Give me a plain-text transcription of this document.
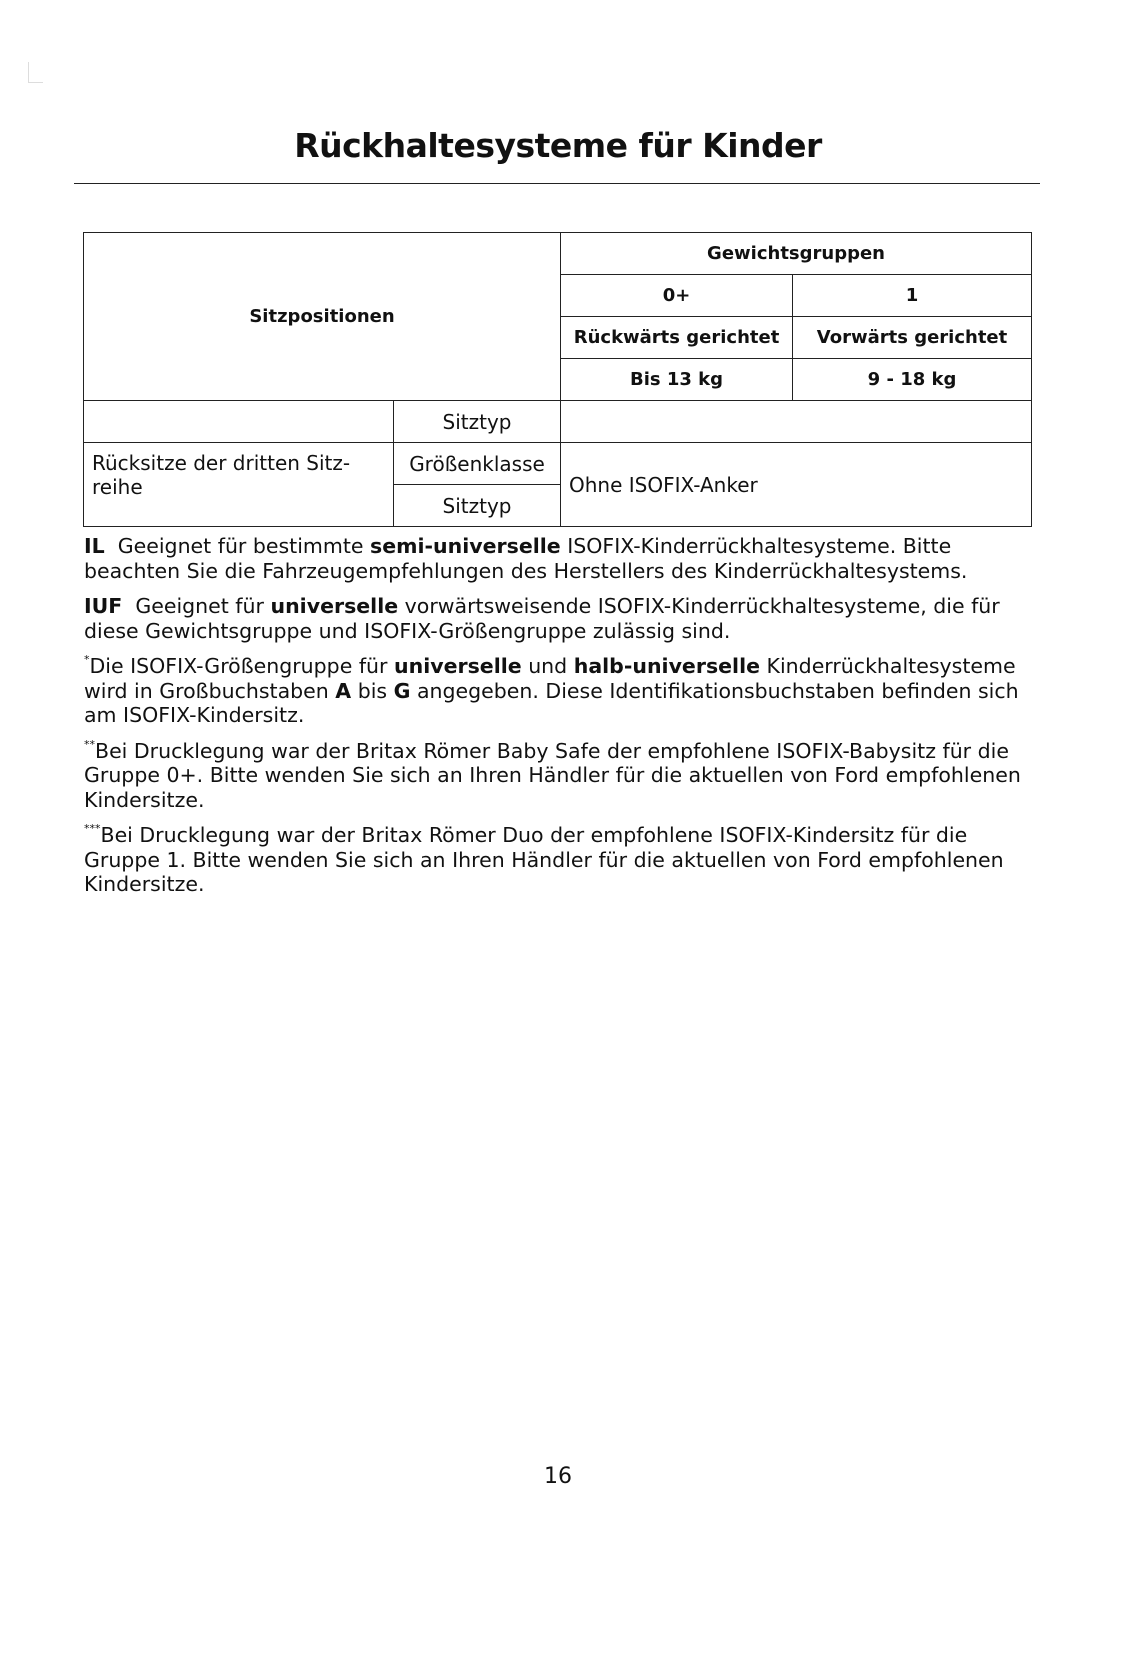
Rückhaltesysteme für Kinder
Sitzpositionen		Gewichtsgruppen	
		0+	1
		Rückwärts gerichtet	Vorwärts gerichtet
		Bis 13 kg	9 - 18 kg
	Sitztyp		
Rücksitze der dritten Sitz-reihe	Größenklasse	Ohne ISOFIX-Anker	
	Sitztyp		

IL Geeignet für bestimmte semi-universelle ISOFIX-Kinderrückhaltesysteme. Bitte beachten Sie die Fahrzeugempfehlungen des Herstellers des Kinderrückhaltesystems.

IUF Geeignet für universelle vorwärtsweisende ISOFIX-Kinderrückhaltesysteme, die für diese Gewichtsgruppe und ISOFIX-Größengruppe zulässig sind.

*Die ISOFIX-Größengruppe für universelle und halb-universelle Kinderrückhaltesysteme wird in Großbuchstaben A bis G angegeben. Diese Identifikationsbuchstaben befinden sich am ISOFIX-Kindersitz.

**Bei Drucklegung war der Britax Römer Baby Safe der empfohlene ISOFIX-Babysitz für die Gruppe 0+. Bitte wenden Sie sich an Ihren Händler für die aktuellen von Ford empfohlenen Kindersitze.

***Bei Drucklegung war der Britax Römer Duo der empfohlene ISOFIX-Kindersitz für die Gruppe 1. Bitte wenden Sie sich an Ihren Händler für die aktuellen von Ford empfohlenen Kindersitze.

16
